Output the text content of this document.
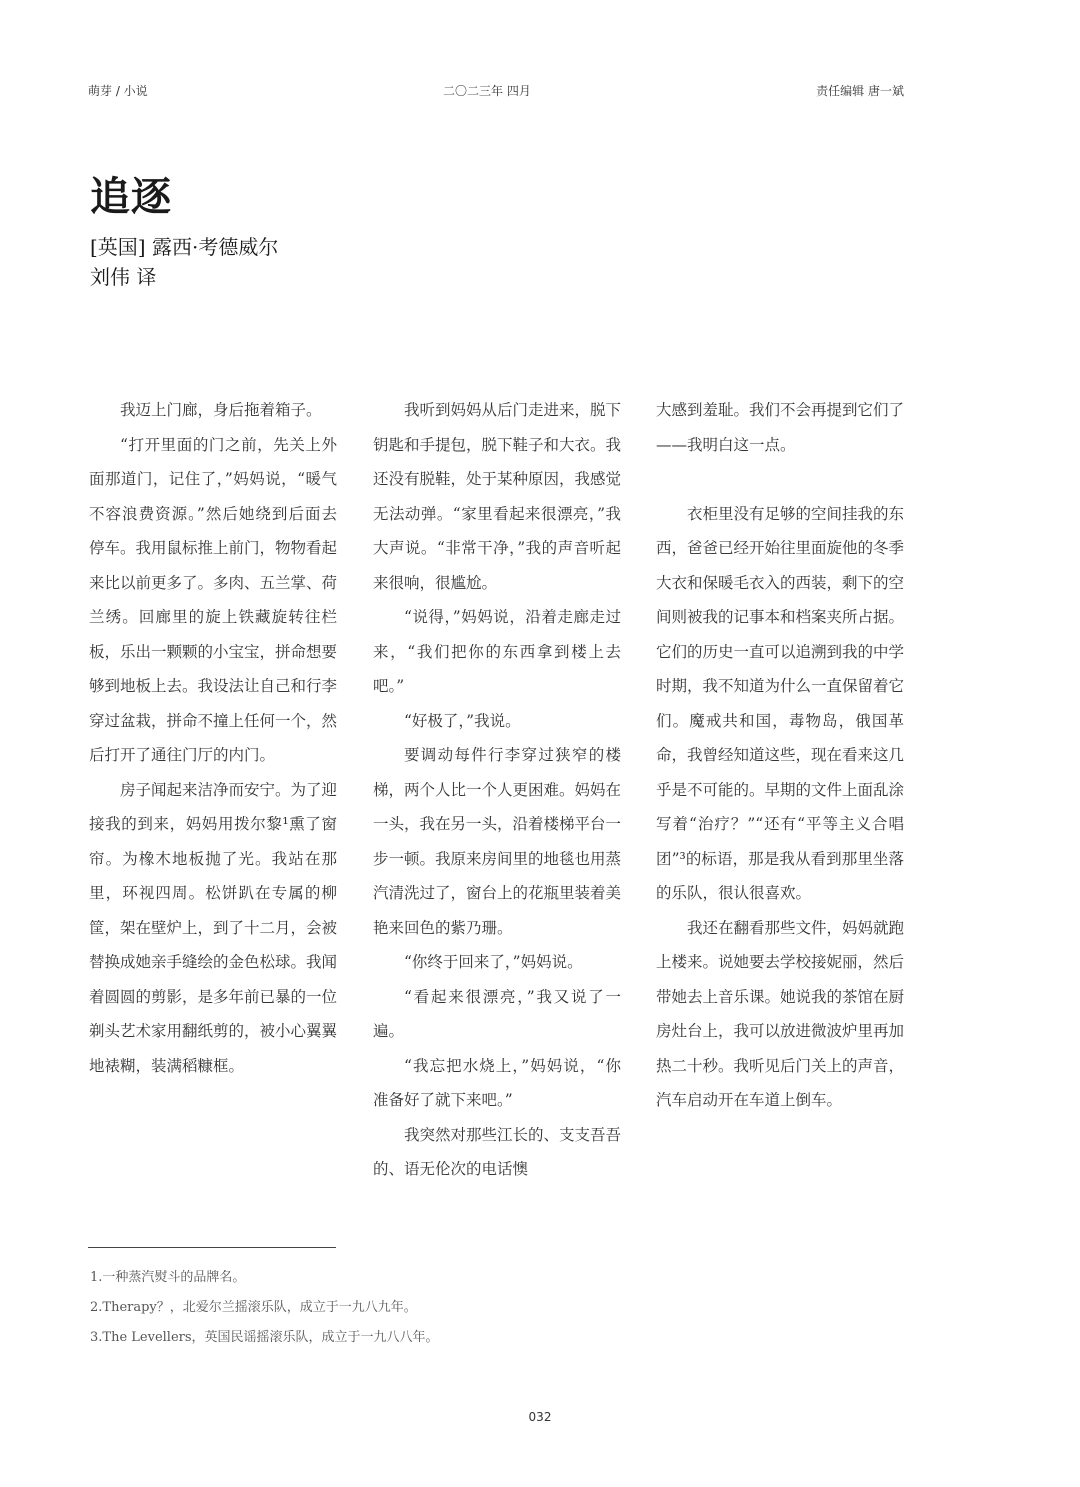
萌芽 / 小说	二〇二三年 四月	责任编辑 唐一斌
追逐
[英国] 露西·考德威尔
刘伟 译

我迈上门廊，身后拖着箱子。

“打开里面的门之前，先关上外面那道门，记住了，”妈妈说，“暖气不容浪费资源。”然后她绕到后面去停车。我用鼠标推上前门，物物看起来比以前更多了。多肉、五兰掌、荷兰绣。回廊里的旋上铁藏旋转往栏板，乐出一颗颗的小宝宝，拼命想要够到地板上去。我设法让自己和行李穿过盆栽，拼命不撞上任何一个，然后打开了通往门厅的内门。

房子闻起来洁净而安宁。为了迎接我的到来，妈妈用拨尔黎¹熏了窗帘。为橡木地板抛了光。我站在那里，环视四周。松饼趴在专属的柳筐，架在壁炉上，到了十二月，会被替换成她亲手缝绘的金色松球。我闻着圆圆的剪影，是多年前已暴的一位剃头艺术家用翻纸剪的，被小心翼翼地裱糊，装满稻糠框。

我听到妈妈从后门走进来，脱下钥匙和手提包，脱下鞋子和大衣。我还没有脱鞋，处于某种原因，我感觉无法动弹。“家里看起来很漂亮，”我大声说。“非常干净，”我的声音听起来很响，很尴尬。

“说得，”妈妈说，沿着走廊走过来，“我们把你的东西拿到楼上去吧。”

“好极了，”我说。

要调动每件行李穿过狭窄的楼梯，两个人比一个人更困难。妈妈在一头，我在另一头，沿着楼梯平台一步一顿。我原来房间里的地毯也用蒸汽清洗过了，窗台上的花瓶里装着美艳来回色的紫乃珊。

“你终于回来了，”妈妈说。

“看起来很漂亮，”我又说了一遍。

“我忘把水烧上，”妈妈说，“你准备好了就下来吧。”

我突然对那些江长的、支支吾吾的、语无伦次的电话懊

大感到羞耻。我们不会再提到它们了——我明白这一点。

衣柜里没有足够的空间挂我的东西，爸爸已经开始往里面旋他的冬季大衣和保暖毛衣入的西装，剩下的空间则被我的记事本和档案夹所占据。它们的历史一直可以追溯到我的中学时期，我不知道为什么一直保留着它们。魔戒共和国，毒物岛，俄国革命，我曾经知道这些，现在看来这几乎是不可能的。早期的文件上面乱涂写着“治疗？”“还有“平等主义合唱团”³的标语，那是我从看到那里坐落的乐队，很认很喜欢。

我还在翻看那些文件，妈妈就跑上楼来。说她要去学校接妮丽，然后带她去上音乐课。她说我的茶馆在厨房灶台上，我可以放进微波炉里再加热二十秒。我听见后门关上的声音，汽车启动开在车道上倒车。

1.一种蒸汽熨斗的品牌名。
2.Therapy？，北爱尔兰摇滚乐队，成立于一九八九年。
3.The Levellers，英国民谣摇滚乐队，成立于一九八八年。
032
